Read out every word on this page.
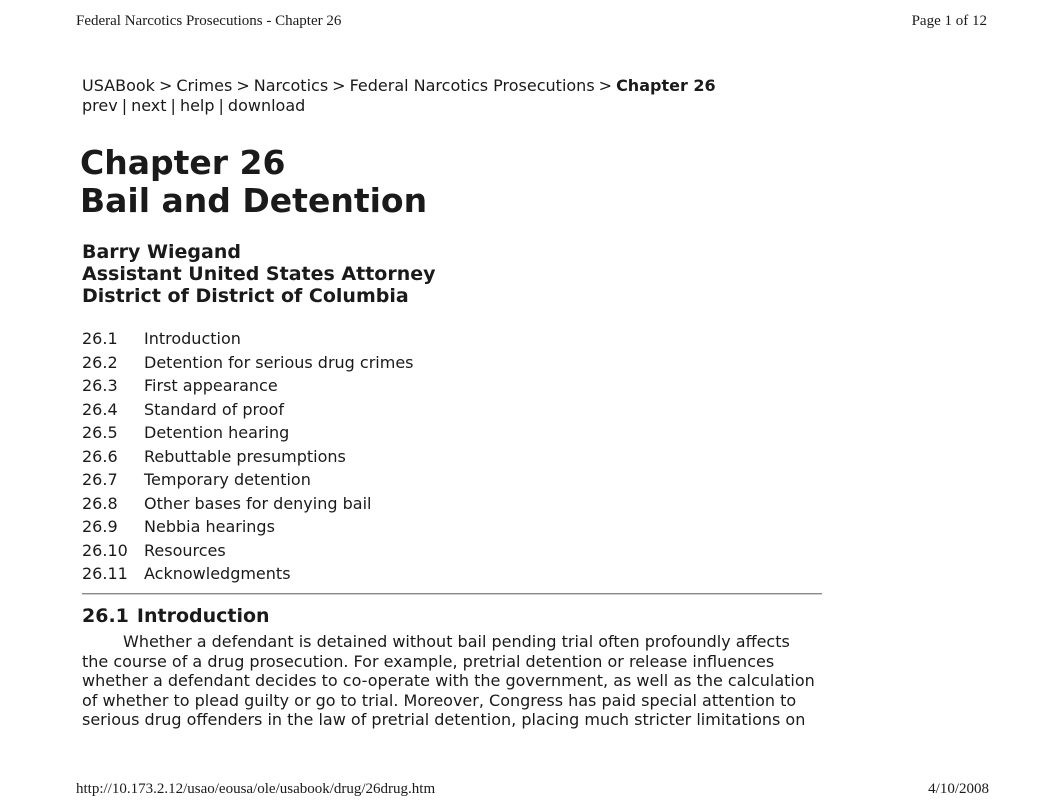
Federal Narcotics Prosecutions - Chapter 26	Page 1 of 12
USABook > Crimes > Narcotics > Federal Narcotics Prosecutions > Chapter 26
prev | next | help | download
Chapter 26
Bail and Detention
Barry Wiegand
Assistant United States Attorney
District of District of Columbia
26.1 Introduction
26.2 Detention for serious drug crimes
26.3 First appearance
26.4 Standard of proof
26.5 Detention hearing
26.6 Rebuttable presumptions
26.7 Temporary detention
26.8 Other bases for denying bail
26.9 Nebbia hearings
26.10 Resources
26.11 Acknowledgments
26.1 Introduction

Whether a defendant is detained without bail pending trial often profoundly affects
the course of a drug prosecution. For example, pretrial detention or release influences
whether a defendant decides to co-operate with the government, as well as the calculation
of whether to plead guilty or go to trial. Moreover, Congress has paid special attention to
serious drug offenders in the law of pretrial detention, placing much stricter limitations on

http://10.173.2.12/usao/eousa/ole/usabook/drug/26drug.htm	4/10/2008
